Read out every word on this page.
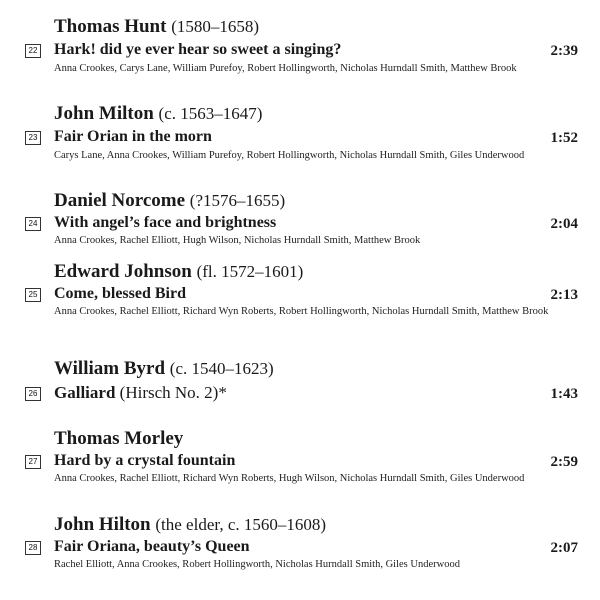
Thomas Hunt (1580–1658)
22 Hark! did ye ever hear so sweet a singing?	2:39
Anna Crookes, Carys Lane, William Purefoy, Robert Hollingworth, Nicholas Hurndall Smith, Matthew Brook
John Milton (c. 1563–1647)
23 Fair Orian in the morn	1:52
Carys Lane, Anna Crookes, William Purefoy, Robert Hollingworth, Nicholas Hurndall Smith, Giles Underwood
Daniel Norcome (?1576–1655)
24 With angel’s face and brightness	2:04
Anna Crookes, Rachel Elliott, Hugh Wilson, Nicholas Hurndall Smith, Matthew Brook
Edward Johnson (fl. 1572–1601)
25 Come, blessed Bird	2:13
Anna Crookes, Rachel Elliott, Richard Wyn Roberts, Robert Hollingworth, Nicholas Hurndall Smith, Matthew Brook
William Byrd (c. 1540–1623)
26 Galliard (Hirsch No. 2)*	1:43
Thomas Morley
27 Hard by a crystal fountain	2:59
Anna Crookes, Rachel Elliott, Richard Wyn Roberts, Hugh Wilson, Nicholas Hurndall Smith, Giles Underwood
John Hilton (the elder, c. 1560–1608)
28 Fair Oriana, beauty’s Queen	2:07
Rachel Elliott, Anna Crookes, Robert Hollingworth, Nicholas Hurndall Smith, Giles Underwood
